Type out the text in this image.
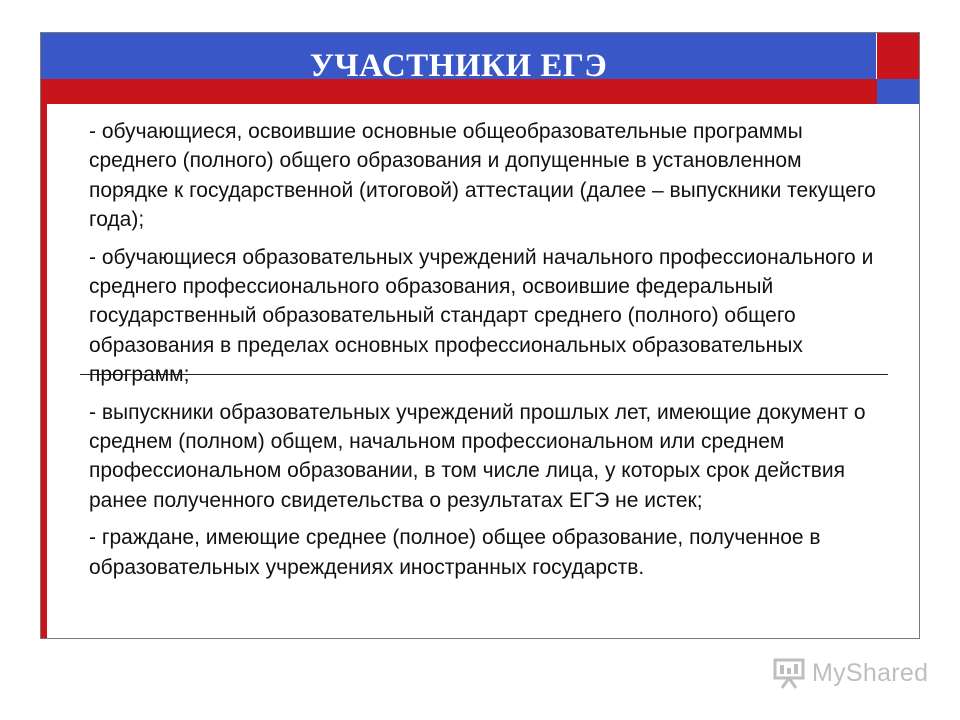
УЧАСТНИКИ ЕГЭ

- обучающиеся, освоившие основные общеобразовательные программы среднего (полного) общего образования и допущенные в установленном порядке к государственной (итоговой) аттестации (далее – выпускники текущего года);

- обучающиеся образовательных учреждений начального профессионального и среднего профессионального образования, освоившие федеральный государственный образовательный стандарт среднего (полного) общего образования в пределах основных профессиональных образовательных программ;

- выпускники образовательных учреждений прошлых лет, имеющие документ о среднем (полном) общем, начальном профессиональном или среднем профессиональном образовании, в том числе лица, у которых срок действия ранее полученного свидетельства о результатах ЕГЭ не истек;

- граждане, имеющие среднее (полное) общее образование, полученное в образовательных учреждениях иностранных государств.

MyShared
